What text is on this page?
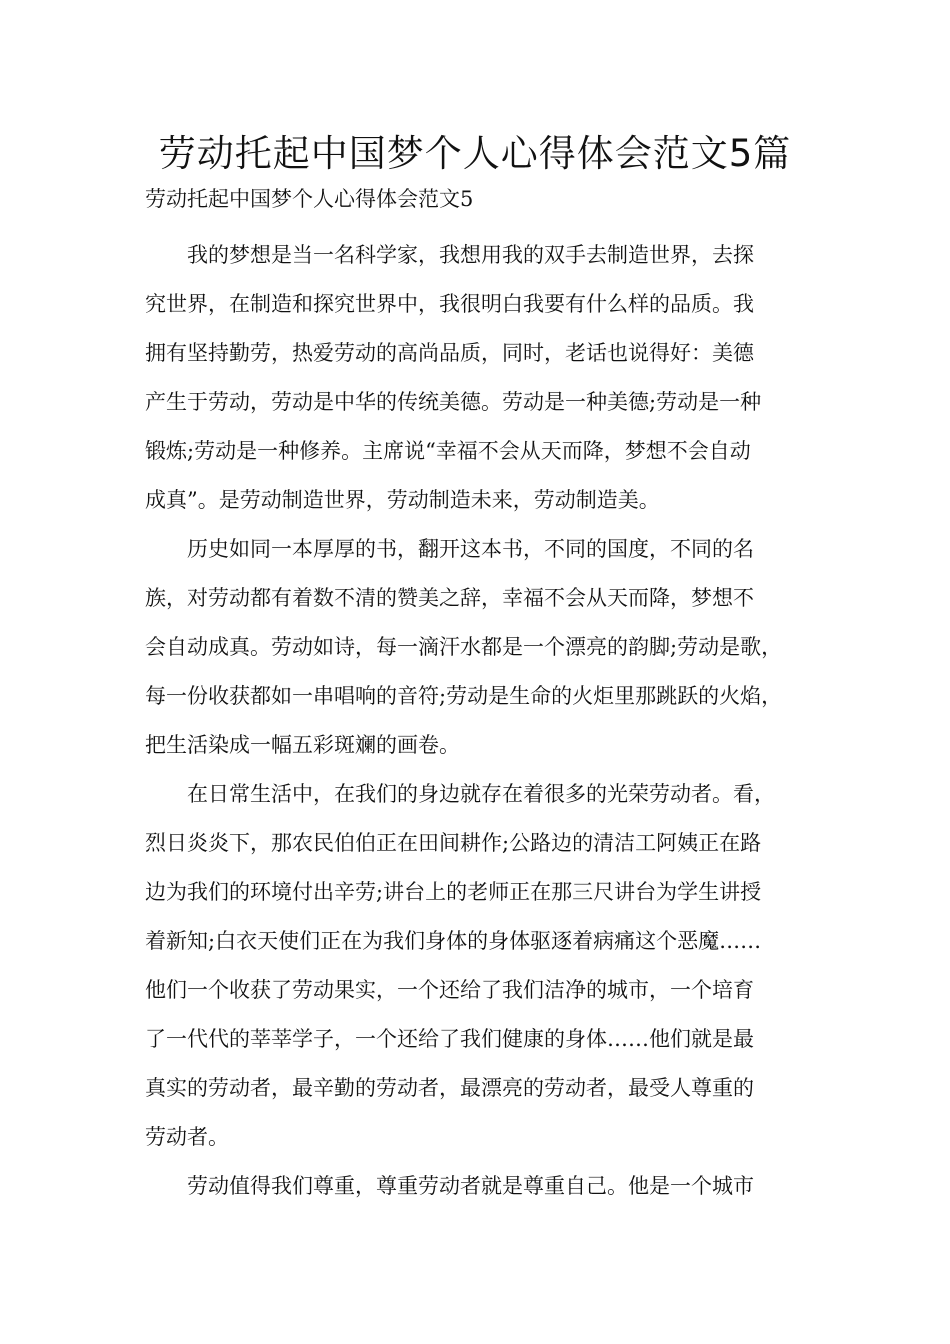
劳动托起中国梦个人心得体会范文5篇
劳动托起中国梦个人心得体会范文5

我的梦想是当一名科学家，我想用我的双手去制造世界，去探
究世界，在制造和探究世界中，我很明白我要有什么样的品质。我
拥有坚持勤劳，热爱劳动的高尚品质，同时，老话也说得好：美德
产生于劳动，劳动是中华的传统美德。劳动是一种美德;劳动是一种
锻炼;劳动是一种修养。主席说“幸福不会从天而降，梦想不会自动
成真”。是劳动制造世界，劳动制造未来，劳动制造美。

历史如同一本厚厚的书，翻开这本书，不同的国度，不同的名
族，对劳动都有着数不清的赞美之辞，幸福不会从天而降，梦想不
会自动成真。劳动如诗，每一滴汗水都是一个漂亮的韵脚;劳动是歌，
每一份收获都如一串唱响的音符;劳动是生命的火炬里那跳跃的火焰，
把生活染成一幅五彩斑斓的画卷。

在日常生活中，在我们的身边就存在着很多的光荣劳动者。看，
烈日炎炎下，那农民伯伯正在田间耕作;公路边的清洁工阿姨正在路
边为我们的环境付出辛劳;讲台上的老师正在那三尺讲台为学生讲授
着新知;白衣天使们正在为我们身体的身体驱逐着病痛这个恶魔……
他们一个收获了劳动果实，一个还给了我们洁净的城市，一个培育
了一代代的莘莘学子，一个还给了我们健康的身体……他们就是最
真实的劳动者，最辛勤的劳动者，最漂亮的劳动者，最受人尊重的
劳动者。

劳动值得我们尊重，尊重劳动者就是尊重自己。他是一个城市
